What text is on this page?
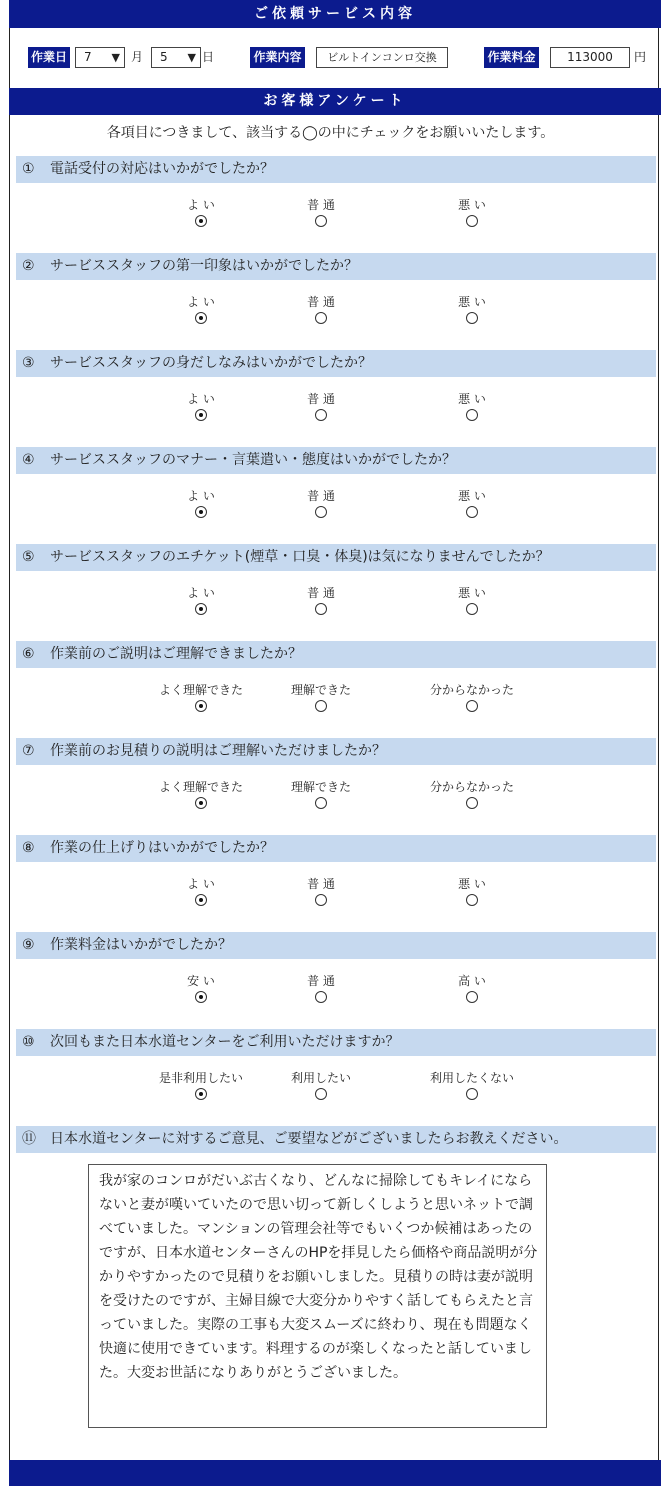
ご依頼サービス内容
作業日 7 ▼ 月 5 ▼ 日	作業内容	ビルトインコンロ交換	作業料金	113000	円
お客様アンケート
各項目につきまして、該当する◯の中にチェックをお願いいたします。
① 電話受付の対応はいかがでしたか？
よ い	普 通	悪 い
② サービススタッフの第一印象はいかがでしたか？
よ い	普 通	悪 い
③ サービススタッフの身だしなみはいかがでしたか？
よ い	普 通	悪 い
④ サービススタッフのマナー・言葉遣い・態度はいかがでしたか？
よ い	普 通	悪 い
⑤ サービススタッフのエチケット(煙草・口臭・体臭)は気になりませんでしたか？
よ い	普 通	悪 い
⑥ 作業前のご説明はご理解できましたか？
よく理解できた	理解できた	分からなかった
⑦ 作業前のお見積りの説明はご理解いただけましたか？
よく理解できた	理解できた	分からなかった
⑧ 作業の仕上げりはいかがでしたか？
よ い	普 通	悪 い
⑨ 作業料金はいかがでしたか？
安 い	普 通	高 い
⑩ 次回もまた日本水道センターをご利用いただけますか？
是非利用したい	利用したい	利用したくない
⑪ 日本水道センターに対するご意見、ご要望などがございましたらお教えください。
我が家のコンロがだいぶ古くなり、どんなに掃除してもキレイにならないと妻が嘆いていたので思い切って新しくしようと思いネットで調べていました。マンションの管理会社等でもいくつか候補はあったのですが、日本水道センターさんのHPを拝見したら価格や商品説明が分かりやすかったので見積りをお願いしました。見積りの時は妻が説明を受けたのですが、主婦目線で大変分かりやすく話してもらえたと言っていました。実際の工事も大変スムーズに終わり、現在も問題なく快適に使用できています。料理するのが楽しくなったと話していました。大変お世話になりありがとうございました。
